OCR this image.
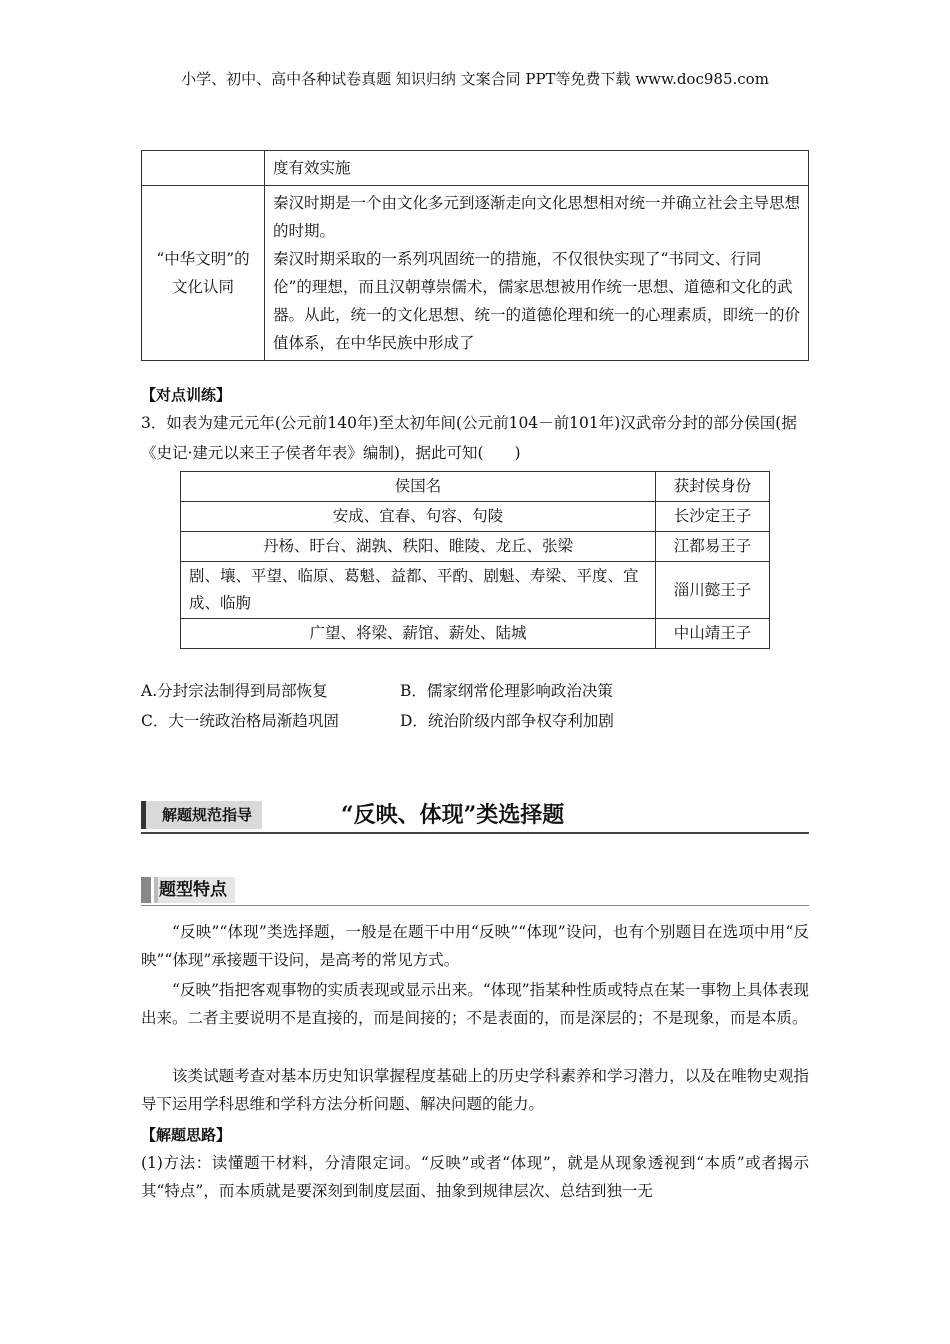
小学、初中、高中各种试卷真题 知识归纳 文案合同 PPT等免费下载 www.doc985.com
	度有效实施
“中华文明”的文化认同	秦汉时期是一个由文化多元到逐渐走向文化思想相对统一并确立社会主导思想的时期。
秦汉时期采取的一系列巩固统一的措施，不仅很快实现了“书同文、行同伦”的理想，而且汉朝尊崇儒术，儒家思想被用作统一思想、道德和文化的武器。从此，统一的文化思想、统一的道德伦理和统一的心理素质，即统一的价值体系，在中华民族中形成了
【对点训练】
3．如表为建元元年(公元前140年)至太初年间(公元前104－前101年)汉武帝分封的部分侯国(据《史记·建元以来王子侯者年表》编制)，据此可知(　　)
侯国名	获封侯身份
安成、宜春、句容、句陵	长沙定王子
丹杨、盱台、湖孰、秩阳、睢陵、龙丘、张梁	江都易王子
剧、壤、平望、临原、葛魁、益都、平酌、剧魁、寿梁、平度、宜成、临朐	淄川懿王子
广望、将梁、薪馆、薪处、陆城	中山靖王子
A.分封宗法制得到局部恢复	B．儒家纲常伦理影响政治决策
C．大一统政治格局渐趋巩固	D．统治阶级内部争权夺利加剧
解题规范指导	“反映、体现”类选择题
题型特点
“反映”“体现”类选择题，一般是在题干中用“反映”“体现”设问，也有个别题目在选项中用“反映”“体现”承接题干设问，是高考的常见方式。
“反映”指把客观事物的实质表现或显示出来。“体现”指某种性质或特点在某一事物上具体表现出来。二者主要说明不是直接的，而是间接的；不是表面的，而是深层的；不是现象，而是本质。
该类试题考查对基本历史知识掌握程度基础上的历史学科素养和学习潜力，以及在唯物史观指导下运用学科思维和学科方法分析问题、解决问题的能力。
【解题思路】
(1)方法：读懂题干材料，分清限定词。“反映”或者“体现”，就是从现象透视到“本质”或者揭示其“特点”，而本质就是要深刻到制度层面、抽象到规律层次、总结到独一无
